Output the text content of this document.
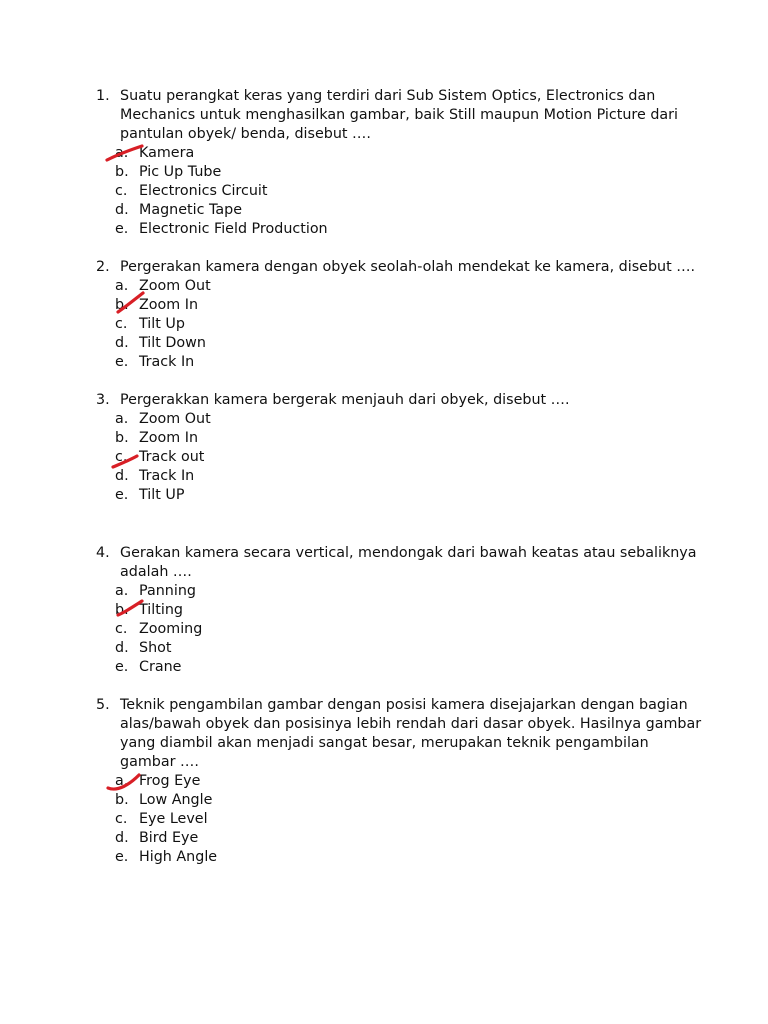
1. Suatu perangkat keras yang terdiri dari Sub Sistem Optics, Electronics dan
Mechanics untuk menghasilkan gambar, baik Still maupun Motion Picture dari
pantulan obyek/ benda, disebut ….
a. Kamera
b. Pic Up Tube
c. Electronics Circuit
d. Magnetic Tape
e. Electronic Field Production
2. Pergerakan kamera dengan obyek seolah-olah mendekat ke kamera, disebut ….
a. Zoom Out
b. Zoom In
c. Tilt Up
d. Tilt Down
e. Track In
3. Pergerakkan kamera bergerak menjauh dari obyek, disebut ….
a. Zoom Out
b. Zoom In
c. Track out
d. Track In
e. Tilt UP
4. Gerakan kamera secara vertical, mendongak dari bawah keatas atau sebaliknya
adalah ….
a. Panning
b. Tilting
c. Zooming
d. Shot
e. Crane
5. Teknik pengambilan gambar dengan posisi kamera disejajarkan dengan bagian
alas/bawah obyek dan posisinya lebih rendah dari dasar obyek. Hasilnya gambar
yang diambil akan menjadi sangat besar, merupakan teknik pengambilan
gambar ….
a. Frog Eye
b. Low Angle
c. Eye Level
d. Bird Eye
e. High Angle
